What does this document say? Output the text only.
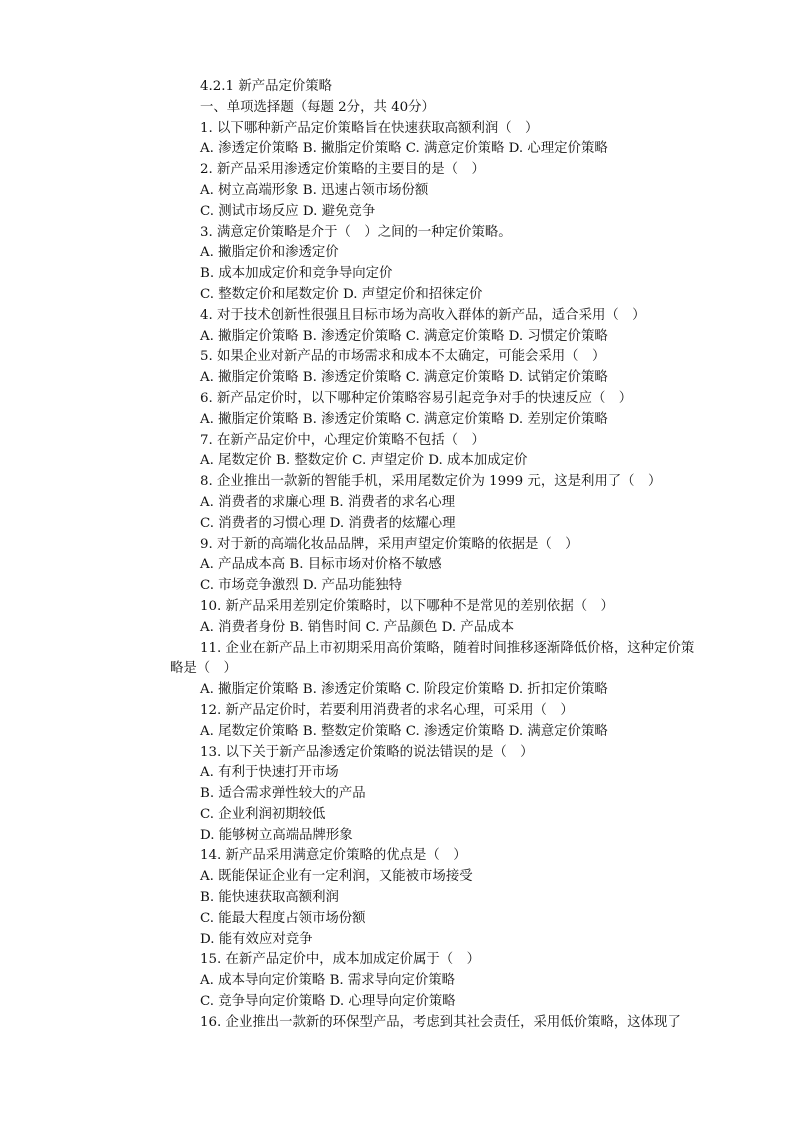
4.2.1 新产品定价策略
一、单项选择题（每题 2分，共 40分）
1. 以下哪种新产品定价策略旨在快速获取高额利润（　）
A. 渗透定价策略 B. 撇脂定价策略 C. 满意定价策略 D. 心理定价策略
2. 新产品采用渗透定价策略的主要目的是（　）
A. 树立高端形象 B. 迅速占领市场份额
C. 测试市场反应 D. 避免竞争
3. 满意定价策略是介于（　）之间的一种定价策略。
A. 撇脂定价和渗透定价
B. 成本加成定价和竞争导向定价
C. 整数定价和尾数定价 D. 声望定价和招徕定价
4. 对于技术创新性很强且目标市场为高收入群体的新产品，适合采用（　）
A. 撇脂定价策略 B. 渗透定价策略 C. 满意定价策略 D. 习惯定价策略
5. 如果企业对新产品的市场需求和成本不太确定，可能会采用（　）
A. 撇脂定价策略 B. 渗透定价策略 C. 满意定价策略 D. 试销定价策略
6. 新产品定价时，以下哪种定价策略容易引起竞争对手的快速反应（　）
A. 撇脂定价策略 B. 渗透定价策略 C. 满意定价策略 D. 差别定价策略
7. 在新产品定价中，心理定价策略不包括（　）
A. 尾数定价 B. 整数定价 C. 声望定价 D. 成本加成定价
8. 企业推出一款新的智能手机，采用尾数定价为 1999 元，这是利用了（　）
A. 消费者的求廉心理 B. 消费者的求名心理
C. 消费者的习惯心理 D. 消费者的炫耀心理
9. 对于新的高端化妆品品牌，采用声望定价策略的依据是（　）
A. 产品成本高 B. 目标市场对价格不敏感
C. 市场竞争激烈 D. 产品功能独特
10. 新产品采用差别定价策略时，以下哪种不是常见的差别依据（　）
A. 消费者身份 B. 销售时间 C. 产品颜色 D. 产品成本
11. 企业在新产品上市初期采用高价策略，随着时间推移逐渐降低价格，这种定价策
略是（　）
A. 撇脂定价策略 B. 渗透定价策略 C. 阶段定价策略 D. 折扣定价策略
12. 新产品定价时，若要利用消费者的求名心理，可采用（　）
A. 尾数定价策略 B. 整数定价策略 C. 渗透定价策略 D. 满意定价策略
13. 以下关于新产品渗透定价策略的说法错误的是（　）
A. 有利于快速打开市场
B. 适合需求弹性较大的产品
C. 企业利润初期较低
D. 能够树立高端品牌形象
14. 新产品采用满意定价策略的优点是（　）
A. 既能保证企业有一定利润，又能被市场接受
B. 能快速获取高额利润
C. 能最大程度占领市场份额
D. 能有效应对竞争
15. 在新产品定价中，成本加成定价属于（　）
A. 成本导向定价策略 B. 需求导向定价策略
C. 竞争导向定价策略 D. 心理导向定价策略
16. 企业推出一款新的环保型产品，考虑到其社会责任，采用低价策略，这体现了
